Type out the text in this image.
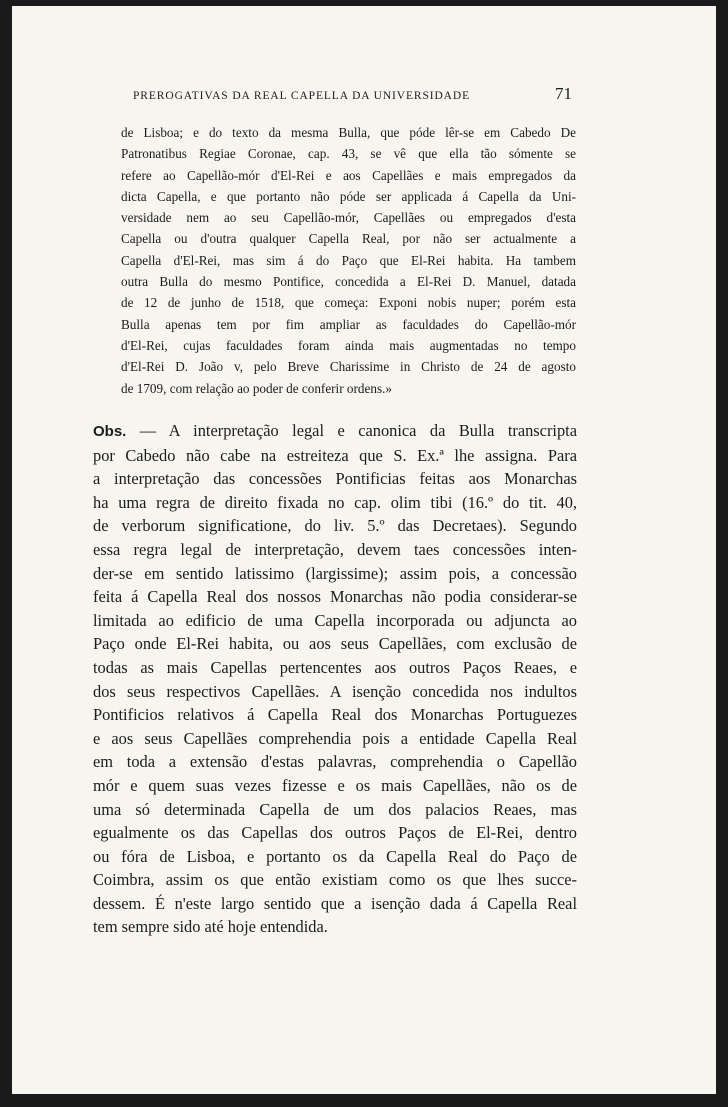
PREROGATIVAS DA REAL CAPELLA DA UNIVERSIDADE	71
de Lisboa; e do texto da mesma Bulla, que póde lêr-se em Cabedo De
Patronatibus Regiae Coronae, cap. 43, se vê que ella tão sómente se
refere ao Capellão-mór d'El-Rei e aos Capellães e mais empregados da
dicta Capella, e que portanto não póde ser applicada á Capella da Uni-
versidade nem ao seu Capellão-mór, Capellães ou empregados d'esta
Capella ou d'outra qualquer Capella Real, por não ser actualmente a
Capella d'El-Rei, mas sim á do Paço que El-Rei habita. Ha tambem
outra Bulla do mesmo Pontifice, concedida a El-Rei D. Manuel, datada
de 12 de junho de 1518, que começa: Exponi nobis nuper; porém esta
Bulla apenas tem por fim ampliar as faculdades do Capellão-mór
d'El-Rei, cujas faculdades foram ainda mais augmentadas no tempo
d'El-Rei D. João v, pelo Breve Charissime in Christo de 24 de agosto
de 1709, com relação ao poder de conferir ordens.»
Obs. — A interpretação legal e canonica da Bulla transcripta
por Cabedo não cabe na estreiteza que S. Ex.ª lhe assigna. Para
a interpretação das concessões Pontificias feitas aos Monarchas
ha uma regra de direito fixada no cap. olim tibi (16.º do tit. 40,
de verborum significatione, do liv. 5.º das Decretaes). Segundo
essa regra legal de interpretação, devem taes concessões inten-
der-se em sentido latissimo (largissime); assim pois, a concessão
feita á Capella Real dos nossos Monarchas não podia considerar-se
limitada ao edificio de uma Capella incorporada ou adjuncta ao
Paço onde El-Rei habita, ou aos seus Capellães, com exclusão de
todas as mais Capellas pertencentes aos outros Paços Reaes, e
dos seus respectivos Capellães. A isenção concedida nos indultos
Pontificios relativos á Capella Real dos Monarchas Portuguezes
e aos seus Capellães comprehendia pois a entidade Capella Real
em toda a extensão d'estas palavras, comprehendia o Capellão
mór e quem suas vezes fizesse e os mais Capellães, não os de
uma só determinada Capella de um dos palacios Reaes, mas
egualmente os das Capellas dos outros Paços de El-Rei, dentro
ou fóra de Lisboa, e portanto os da Capella Real do Paço de
Coimbra, assim os que então existiam como os que lhes succe-
dessem. É n'este largo sentido que a isenção dada á Capella Real
tem sempre sido até hoje entendida.
